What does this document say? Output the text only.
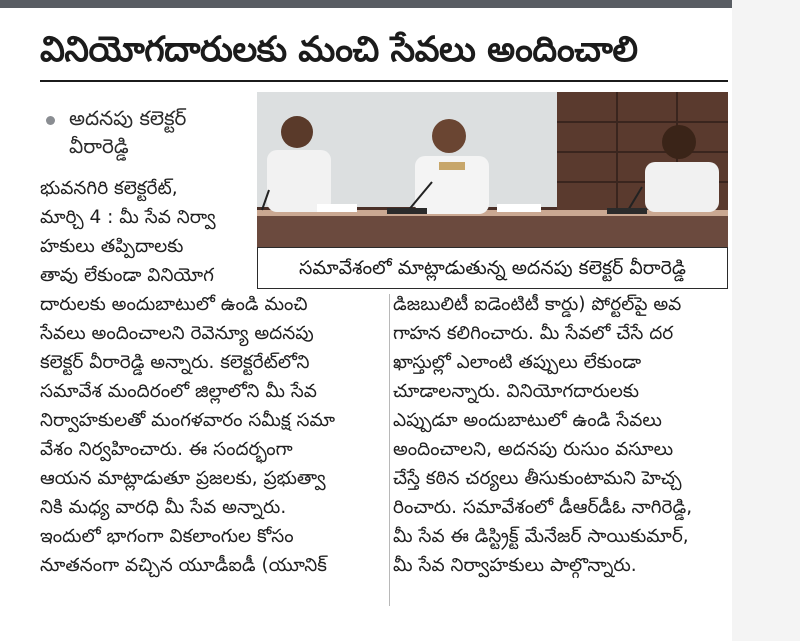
వినియోగదారులకు మంచి సేవలు అందించాలి
అదనపు కలెక్టర్
వీరారెడ్డి
సమావేశంలో మాట్లాడుతున్న అదనపు కలెక్టర్ వీరారెడ్డి
భువనగిరి కలెక్టరేట్,
మార్చి 4 : మీ సేవ నిర్వా
హకులు తప్పిదాలకు
తావు లేకుండా వినియోగ
దారులకు అందుబాటులో ఉండి మంచి
సేవలు అందించాలని రెవెన్యూ అదనపు
కలెక్టర్ వీరారెడ్డి అన్నారు. కలెక్టరేట్‌లోని
సమావేశ మందిరంలో జిల్లాలోని మీ సేవ
నిర్వాహకులతో మంగళవారం సమీక్ష సమా
వేశం నిర్వహించారు. ఈ సందర్భంగా
ఆయన మాట్లాడుతూ ప్రజలకు, ప్రభుత్వా
నికి మధ్య వారధి మీ సేవ అన్నారు.
ఇందులో భాగంగా వికలాంగుల కోసం
నూతనంగా వచ్చిన యూడీఐడీ (యూనిక్
డిజబులిటీ ఐడెంటిటీ కార్డు) పోర్టల్‌పై అవ
గాహన కలిగించారు. మీ సేవలో చేసే దర
ఖాస్తుల్లో ఎలాంటి తప్పులు లేకుండా
చూడాలన్నారు. వినియోగదారులకు
ఎప్పుడూ అందుబాటులో ఉండి సేవలు
అందించాలని, అదనపు రుసుం వసూలు
చేస్తే కఠిన చర్యలు తీసుకుంటామని హెచ్చ
రించారు. సమావేశంలో డీఆర్‌డీఓ నాగిరెడ్డి,
మీ సేవ ఈ డిస్ట్రిక్ట్ మేనేజర్ సాయికుమార్,
మీ సేవ నిర్వాహకులు పాల్గొన్నారు.
